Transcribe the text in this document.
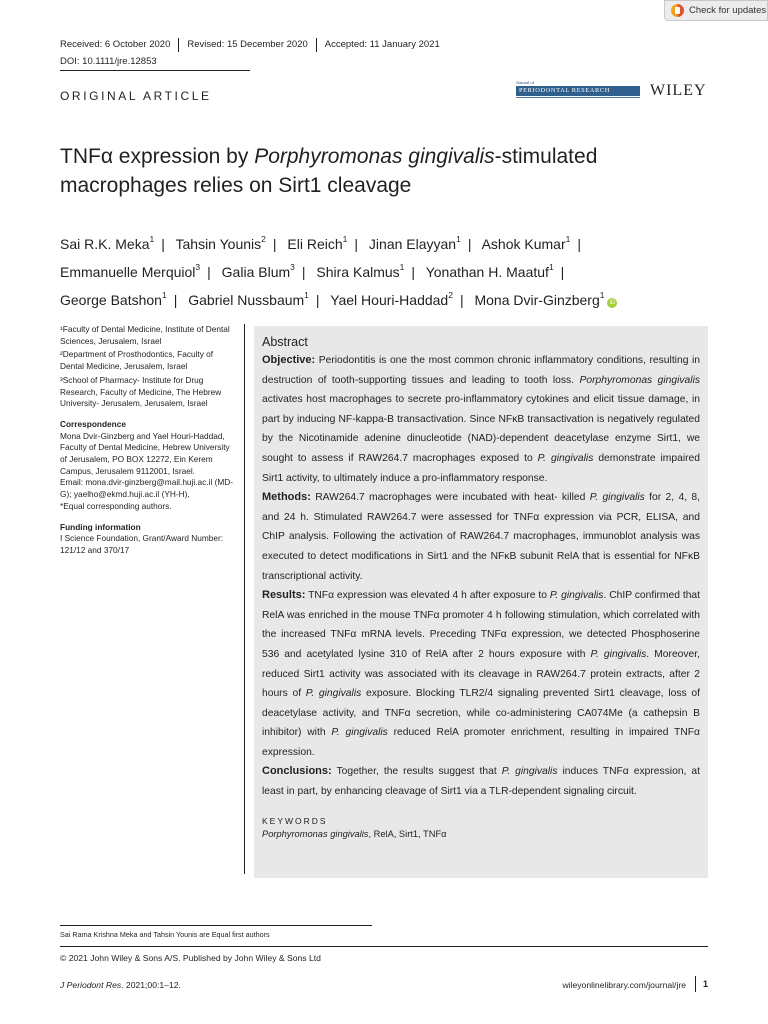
Check for updates
Received: 6 October 2020	Revised: 15 December 2020	Accepted: 11 January 2021
DOI: 10.1111/jre.12853
ORIGINAL ARTICLE
Journal of
PERIODONTAL RESEARCH	WILEY
TNFα expression by Porphyromonas gingivalis-stimulated macrophages relies on Sirt1 cleavage
Sai R.K. Meka$^1$ | Tahsin Younis$^2$ | Eli Reich$^1$ | Jinan Elayyan$^1$ | Ashok Kumar$^1$ |
Emmanuelle Merquiol$^3$ | Galia Blum$^3$ | Shira Kalmus$^1$ | Yonathan H. Maatuf$^1$ |
George Batshon$^1$ | Gabriel Nussbaum$^1$ | Yael Houri-Haddad$^2$ | Mona Dvir-Ginzberg$^1$iD

¹Faculty of Dental Medicine, Institute of Dental Sciences, Jerusalem, Israel

²Department of Prosthodontics, Faculty of Dental Medicine, Jerusalem, Israel

³School of Pharmacy- Institute for Drug Research, Faculty of Medicine, The Hebrew University- Jerusalem, Jerusalem, Israel

Correspondence

Mona Dvir-Ginzberg and Yael Houri-Haddad, Faculty of Dental Medicine, Hebrew University of Jerusalem, PO BOX 12272, Ein Kerem Campus, Jerusalem 9112001, Israel.

Email: mona.dvir-ginzberg@mail.huji.ac.il (MD-G); yaelho@ekmd.huji.ac.il (YH-H),

*Equal corresponding authors.

Funding information

I Science Foundation, Grant/Award Number: 121/12 and 370/17

Abstract

Objective: Periodontitis is one the most common chronic inflammatory conditions, resulting in destruction of tooth-supporting tissues and leading to tooth loss. Porphyromonas gingivalis activates host macrophages to secrete pro-inflammatory cytokines and elicit tissue damage, in part by inducing NF-kappa-B transactivation. Since NFκB transactivation is negatively regulated by the Nicotinamide adenine dinucleotide (NAD)-dependent deacetylase enzyme Sirt1, we sought to assess if RAW264.7 macrophages exposed to P. gingivalis demonstrate impaired Sirt1 activity, to ultimately induce a pro-inflammatory response.

Methods: RAW264.7 macrophages were incubated with heat- killed P. gingivalis for 2, 4, 8, and 24 h. Stimulated RAW264.7 were assessed for TNFα expression via PCR, ELISA, and ChIP analysis. Following the activation of RAW264.7 macrophages, immunoblot analysis was executed to detect modifications in Sirt1 and the NFκB subunit RelA that is essential for NFκB transcriptional activity.

Results: TNFα expression was elevated 4 h after exposure to P. gingivalis. ChIP confirmed that RelA was enriched in the mouse TNFα promoter 4 h following stimulation, which correlated with the increased TNFα mRNA levels. Preceding TNFα expression, we detected Phosphoserine 536 and acetylated lysine 310 of RelA after 2 hours exposure with P. gingivalis. Moreover, reduced Sirt1 activity was associated with its cleavage in RAW264.7 protein extracts, after 2 hours of P. gingivalis exposure. Blocking TLR2/4 signaling prevented Sirt1 cleavage, loss of deacetylase activity, and TNFα secretion, while co-administering CA074Me (a cathepsin B inhibitor) with P. gingivalis reduced RelA promoter enrichment, resulting in impaired TNFα expression.

Conclusions: Together, the results suggest that P. gingivalis induces TNFα expression, at least in part, by enhancing cleavage of Sirt1 via a TLR-dependent signaling circuit.

KEYWORDS
Porphyromonas gingivalis, RelA, Sirt1, TNFα
Sai Rama Krishna Meka and Tahsin Younis are Equal first authors
© 2021 John Wiley & Sons A/S. Published by John Wiley & Sons Ltd
J Periodont Res. 2021;00:1–12.	wileyonlinelibrary.com/journal/jre 1
